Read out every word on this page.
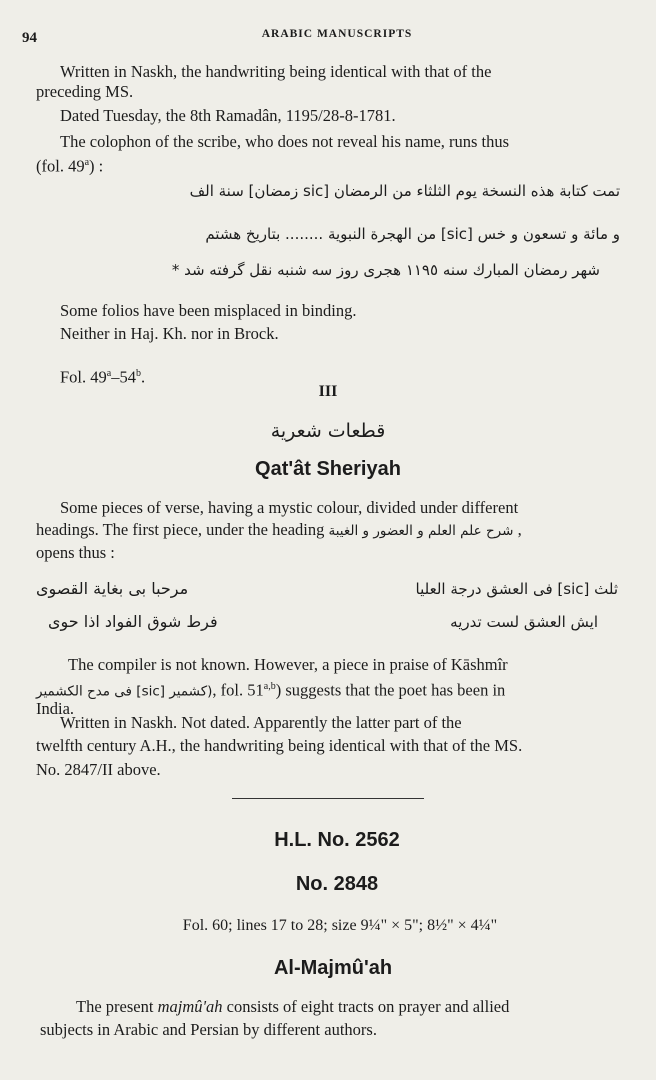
94	ARABIC MANUSCRIPTS
Written in Naskh, the handwriting being identical with that of the
preceding MS.
Dated Tuesday, the 8th Ramadân, 1195/28-8-1781.
The colophon of the scribe, who does not reveal his name, runs thus
(fol. 49$^a$) :
تمت كتابة هذه النسخة يوم الثلثاء من الرمضان [sic زمضان] سنة الف
و مائة و تسعون و خس [sic] من الهجرة النبوية ........ بتاريخ هشتم
شهر رمضان المبارك سنه ١١٩٥ هجرى روز سه شنبه نقل گرفته شد *
Some folios have been misplaced in binding.
Neither in Haj. Kh. nor in Brock.
Fol. 49$^a$–54$^b$.
III
قطعات شعرية
Qat'ât Sheriyah
Some pieces of verse, having a mystic colour, divided under different
headings. The first piece, under the heading شرح علم العلم و العضور و الغيبة ,
opens thus :
ثلث [sic] فى العشق درجة العليا
مرحبا بى بغاية القصوى
ايش العشق لست تدريه
فرط شوق الفواد اذا حوى
The compiler is not known. However, a piece in praise of Kāshmîr
(كشمير [sic] فى مدح الكشمير, fol. 51$^{a,b}$) suggests that the poet has been in
India.
Written in Naskh. Not dated. Apparently the latter part of the
twelfth century A.H., the handwriting being identical with that of the MS.
No. 2847/II above.
H.L. No. 2562
No. 2848
Fol. 60; lines 17 to 28; size 9¼" × 5"; 8½" × 4¼"
Al-Majmû'ah
The present majmû'ah consists of eight tracts on prayer and allied
subjects in Arabic and Persian by different authors.
